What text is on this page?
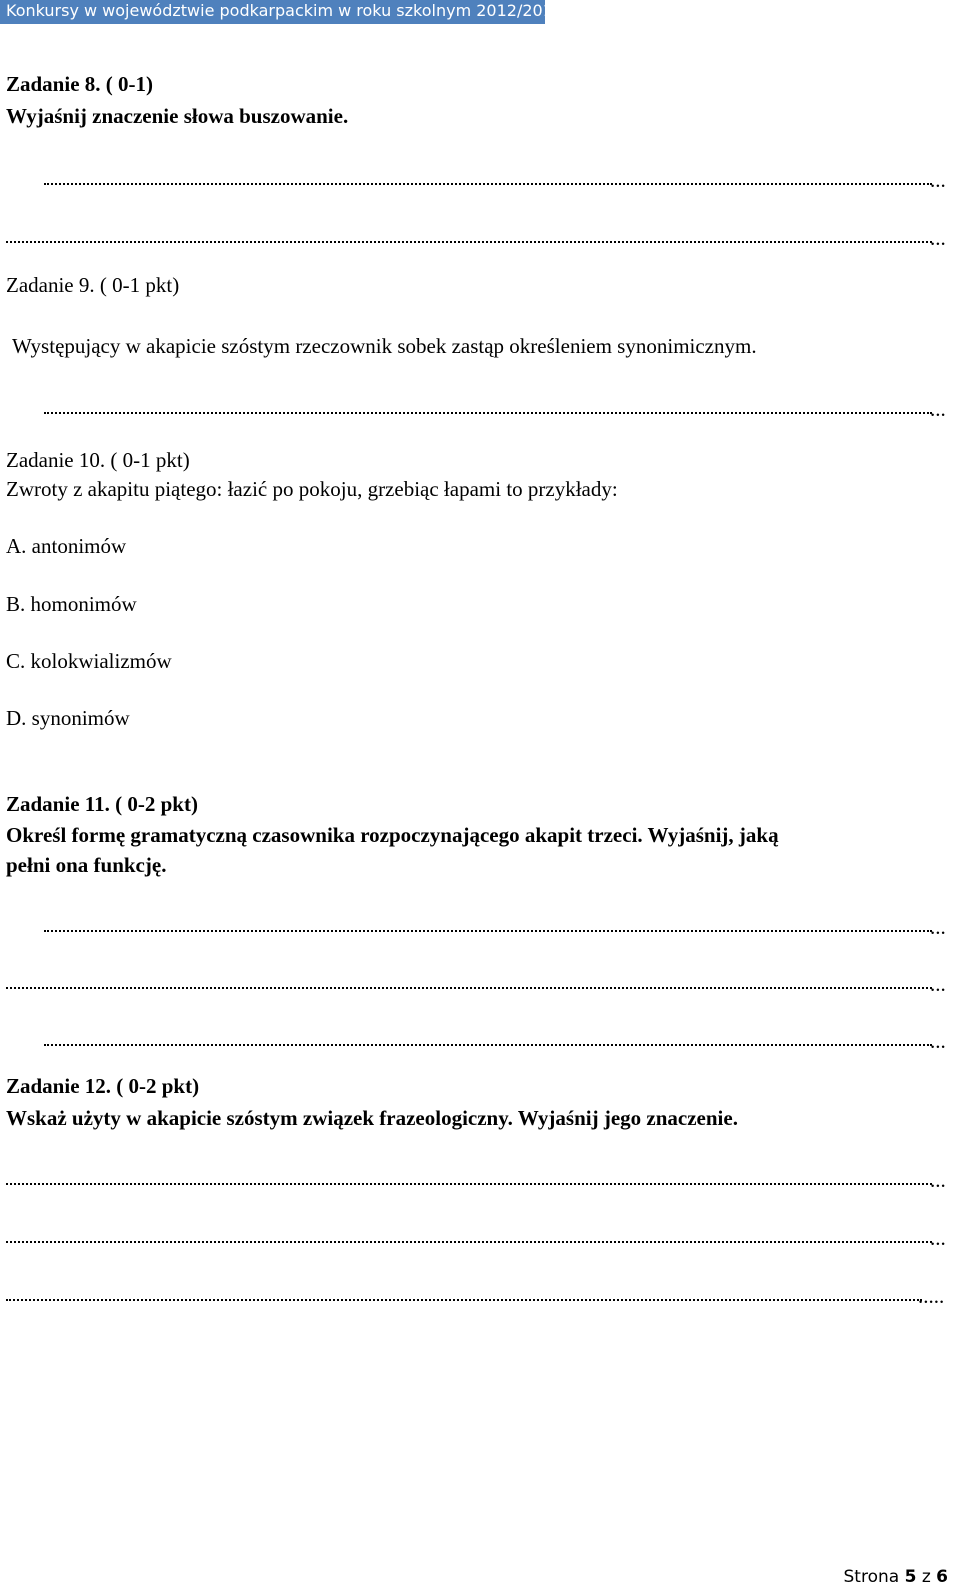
Konkursy w województwie podkarpackim w roku szkolnym 2012/2013
Zadanie 8. ( 0-1)
Wyjaśnij znaczenie słowa buszowanie.
...
...
Zadanie 9. ( 0-1 pkt)
Występujący w akapicie szóstym rzeczownik sobek zastąp określeniem synonimicznym.
...
Zadanie 10. ( 0-1 pkt)
Zwroty z akapitu piątego: łazić po pokoju, grzebiąc łapami to przykłady:
A. antonimów
B. homonimów
C. kolokwializmów
D. synonimów
Zadanie 11. ( 0-2 pkt)
Określ formę gramatyczną czasownika rozpoczynającego akapit trzeci. Wyjaśnij, jaką
pełni ona funkcję.
...
...
...
Zadanie 12. ( 0-2 pkt)
Wskaż użyty w akapicie szóstym związek frazeologiczny. Wyjaśnij jego znaczenie.
...
...
.....
Strona 5 z 6
